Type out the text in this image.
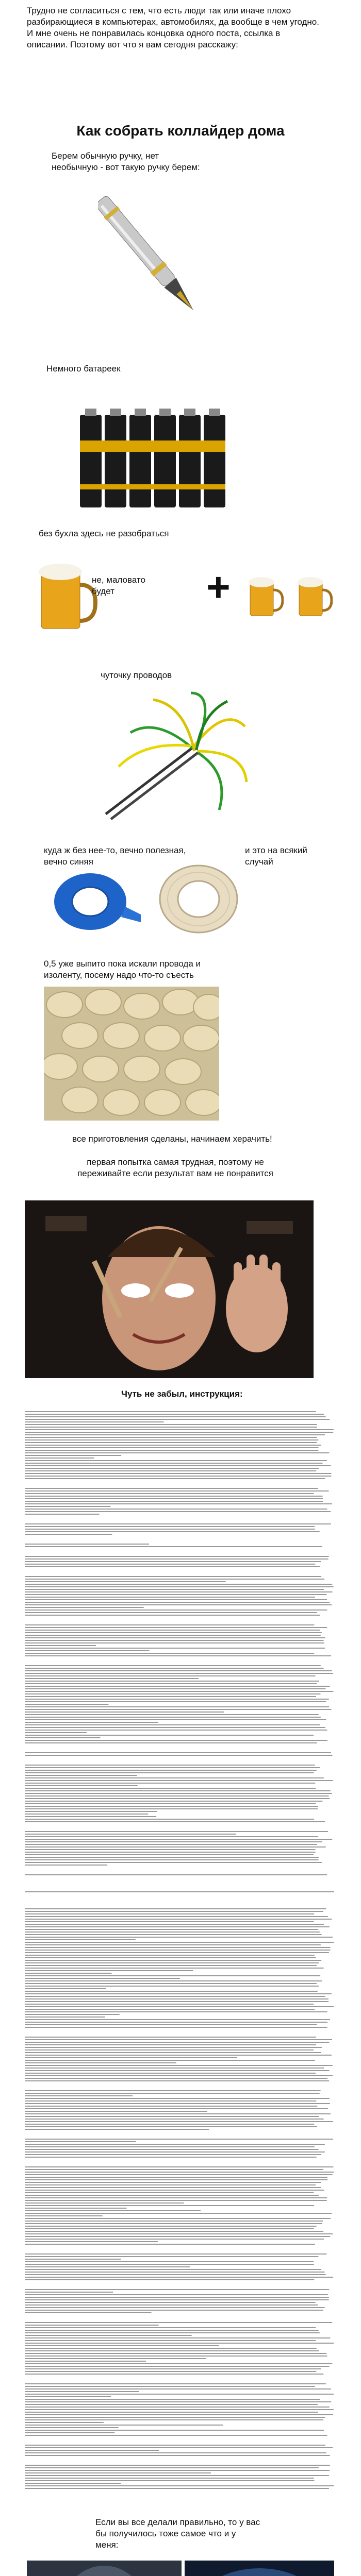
Трудно не согласиться с тем, что есть люди так или иначе плохо разбирающиеся в компьютерах, автомобилях, да вообще в чем угодно. И мне очень не понравилась концовка одного поста, ссылка в описании. Поэтому вот что я вам сегодня расскажу:
Как собрать коллайдер дома
Берем обычную ручку, нет необычную - вот такую ручку берем:
Немного батареек
без бухла здесь не разобраться
не, маловато будет	+
чуточку проводов
куда ж без нее-то, вечно полезная, вечно синяя
и это на всякий случай
0,5 уже выпито пока искали провода и изоленту, посему надо что-то съесть
все приготовления сделаны, начинаем херачить!
первая попытка самая трудная, поэтому не переживайте если результат вам не понравится
Чуть не забыл, инструкция:
Если вы все делали правильно, то у вас бы получилось тоже самое что и у меня:
